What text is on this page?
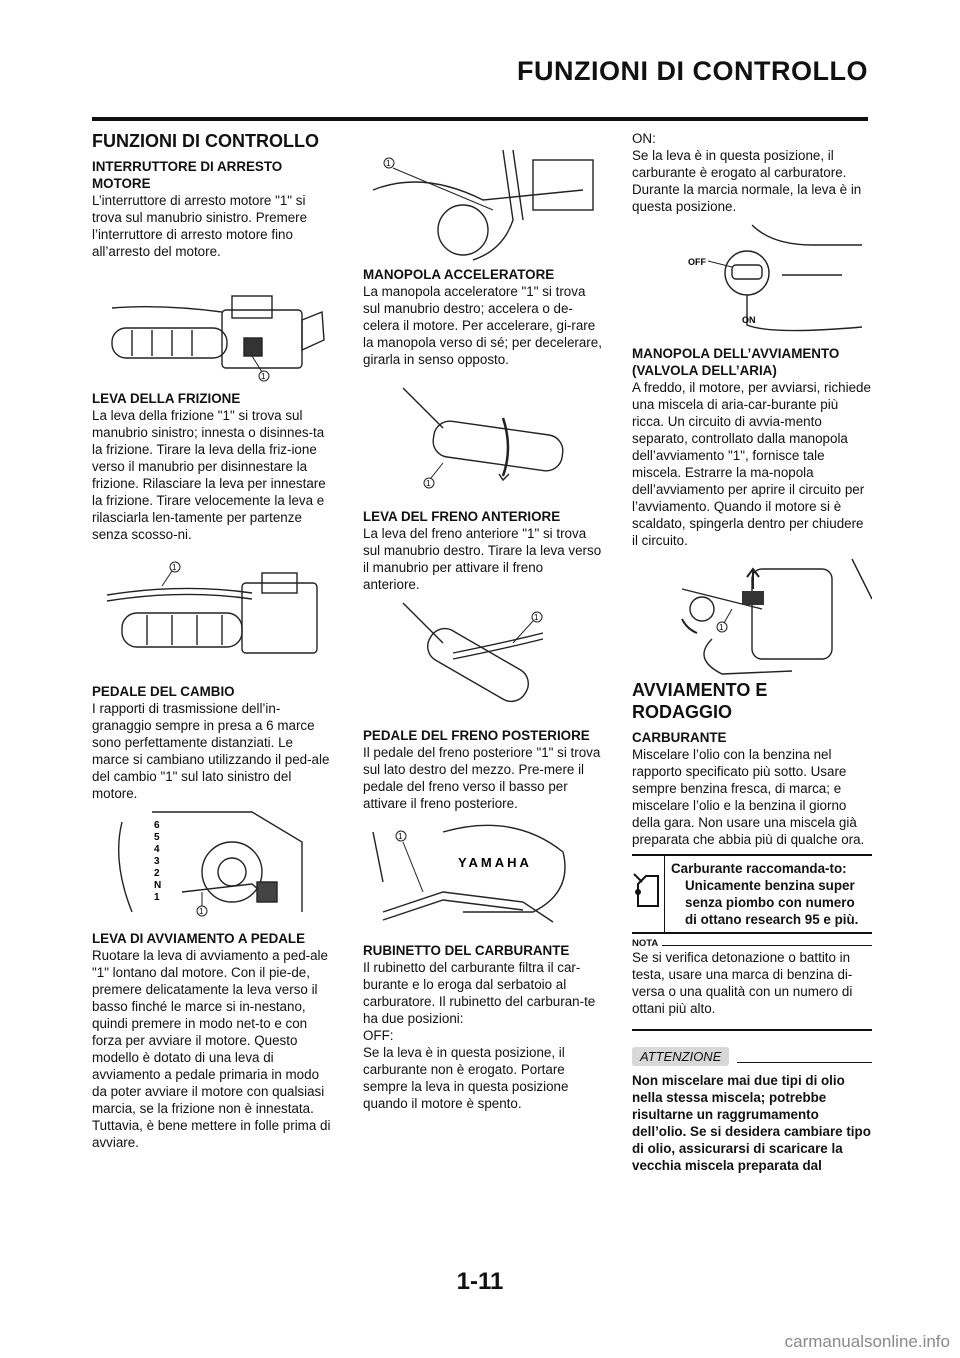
FUNZIONI DI CONTROLLO
FUNZIONI DI CONTROLLO
INTERRUTTORE DI ARRESTO MOTORE
L’interruttore di arresto motore "1" si trova sul manubrio sinistro. Premere l’interruttore di arresto motore fino all’arresto del motore.
1
LEVA DELLA FRIZIONE
La leva della frizione "1" si trova sul manubrio sinistro; innesta o disinnes-ta la frizione. Tirare la leva della friz-ione verso il manubrio per disinnestare la frizione. Rilasciare la leva per innestare la frizione. Tirare velocemente la leva e rilasciarla len-tamente per partenze senza scosso-ni.
1
PEDALE DEL CAMBIO
I rapporti di trasmissione dell’in-granaggio sempre in presa a 6 marce sono perfettamente distanziati. Le marce si cambiano utilizzando il ped-ale del cambio "1" sul lato sinistro del motore.
6
5
4
3
2
N
1
1
LEVA DI AVVIAMENTO A PEDALE
Ruotare la leva di avviamento a ped-ale "1" lontano dal motore. Con il pie-de, premere delicatamente la leva verso il basso finché le marce si in-nestano, quindi premere in modo net-to e con forza per avviare il motore. Questo modello è dotato di una leva di avviamento a pedale primaria in modo da poter avviare il motore con qualsiasi marcia, se la frizione non è innestata. Tuttavia, è bene mettere in folle prima di avviare.
1
MANOPOLA ACCELERATORE
La manopola acceleratore "1" si trova sul manubrio destro; accelera o de-celera il motore. Per accelerare, gi-rare la manopola verso di sé; per decelerare, girarla in senso opposto.
1
LEVA DEL FRENO ANTERIORE
La leva del freno anteriore "1" si trova sul manubrio destro. Tirare la leva verso il manubrio per attivare il freno anteriore.
1
PEDALE DEL FRENO POSTERIORE
Il pedale del freno posteriore "1" si trova sul lato destro del mezzo. Pre-mere il pedale del freno verso il basso per attivare il freno posteriore.
YAMAHA
1
RUBINETTO DEL CARBURANTE
Il rubinetto del carburante filtra il car-burante e lo eroga dal serbatoio al carburatore. Il rubinetto del carburan-te ha due posizioni:
OFF:
Se la leva è in questa posizione, il carburante non è erogato. Portare sempre la leva in questa posizione quando il motore è spento.
ON:
Se la leva è in questa posizione, il carburante è erogato al carburatore. Durante la marcia normale, la leva è in questa posizione.
OFF
ON
MANOPOLA DELL’AVVIAMENTO (VALVOLA DELL’ARIA)
A freddo, il motore, per avviarsi, richiede una miscela di aria-car-burante più ricca. Un circuito di avvia-mento separato, controllato dalla manopola dell’avviamento "1", fornisce tale miscela. Estrarre la ma-nopola dell’avviamento per aprire il circuito per l’avviamento. Quando il motore si è scaldato, spingerla dentro per chiudere il circuito.
1
AVVIAMENTO E RODAGGIO
CARBURANTE
Miscelare l’olio con la benzina nel rapporto specificato più sotto. Usare sempre benzina fresca, di marca; e miscelare l’olio e la benzina il giorno della gara. Non usare una miscela già preparata che abbia più di qualche ora.
Carburante raccomanda-to:
Unicamente benzina super senza piombo con numero di ottano research 95 e più.
NOTA
Se si verifica detonazione o battito in testa, usare una marca di benzina di-versa o una qualità con un numero di ottani più alto.
ATTENZIONE
Non miscelare mai due tipi di olio nella stessa miscela; potrebbe risultarne un raggrumamento dell’olio. Se si desidera cambiare tipo di olio, assicurarsi di scaricare la vecchia miscela preparata dal
1-11
carmanualsonline.info
